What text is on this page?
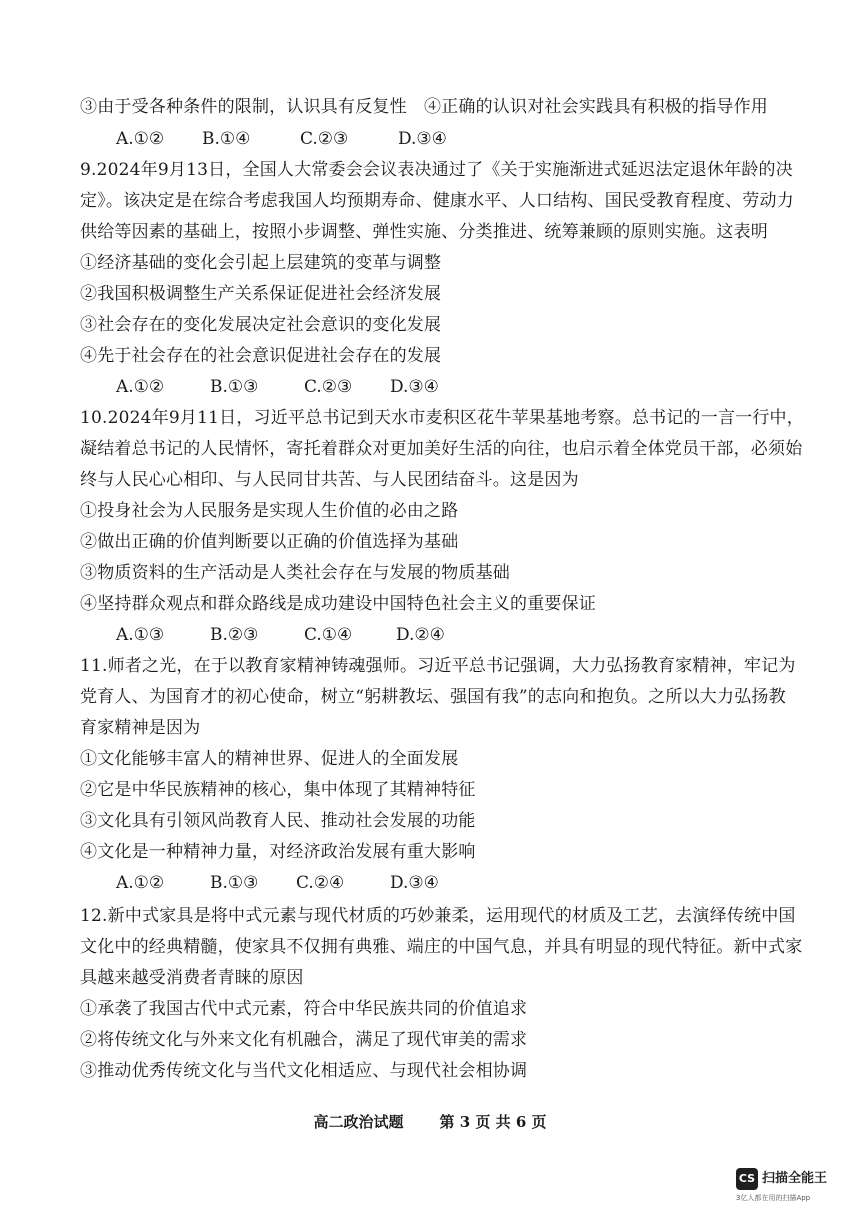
③由于受各种条件的限制，认识具有反复性　④正确的认识对社会实践具有积极的指导作用
A.①② B.①④	C.②③	D.③④
9.2024年9月13日，全国人大常委会会议表决通过了《关于实施渐进式延迟法定退休年龄的决
定》。该决定是在综合考虑我国人均预期寿命、健康水平、人口结构、国民受教育程度、劳动力
供给等因素的基础上，按照小步调整、弹性实施、分类推进、统筹兼顾的原则实施。这表明
①经济基础的变化会引起上层建筑的变革与调整
②我国积极调整生产关系保证促进社会经济发展
③社会存在的变化发展决定社会意识的变化发展
④先于社会存在的社会意识促进社会存在的发展
A.①②	B.①③	C.②③ D.③④
10.2024年9月11日，习近平总书记到天水市麦积区花牛苹果基地考察。总书记的一言一行中，
凝结着总书记的人民情怀，寄托着群众对更加美好生活的向往，也启示着全体党员干部，必须始
终与人民心心相印、与人民同甘共苦、与人民团结奋斗。这是因为
①投身社会为人民服务是实现人生价值的必由之路
②做出正确的价值判断要以正确的价值选择为基础
③物质资料的生产活动是人类社会存在与发展的物质基础
④坚持群众观点和群众路线是成功建设中国特色社会主义的重要保证
A.①③	B.②③	C.①④	D.②④
11.师者之光，在于以教育家精神铸魂强师。习近平总书记强调，大力弘扬教育家精神，牢记为
党育人、为国育才的初心使命，树立“躬耕教坛、强国有我”的志向和抱负。之所以大力弘扬教
育家精神是因为
①文化能够丰富人的精神世界、促进人的全面发展
②它是中华民族精神的核心，集中体现了其精神特征
③文化具有引领风尚教育人民、推动社会发展的功能
④文化是一种精神力量，对经济政治发展有重大影响
A.①②	B.①③ C.②④	D.③④
12.新中式家具是将中式元素与现代材质的巧妙兼柔，运用现代的材质及工艺，去演绎传统中国
文化中的经典精髓，使家具不仅拥有典雅、端庄的中国气息，并具有明显的现代特征。新中式家
具越来越受消费者青睐的原因
①承袭了我国古代中式元素，符合中华民族共同的价值追求
②将传统文化与外来文化有机融合，满足了现代审美的需求
③推动优秀传统文化与当代文化相适应、与现代社会相协调
高二政治试题 第 3 页 共 6 页
CS 扫描全能王
3亿人都在用的扫描App
